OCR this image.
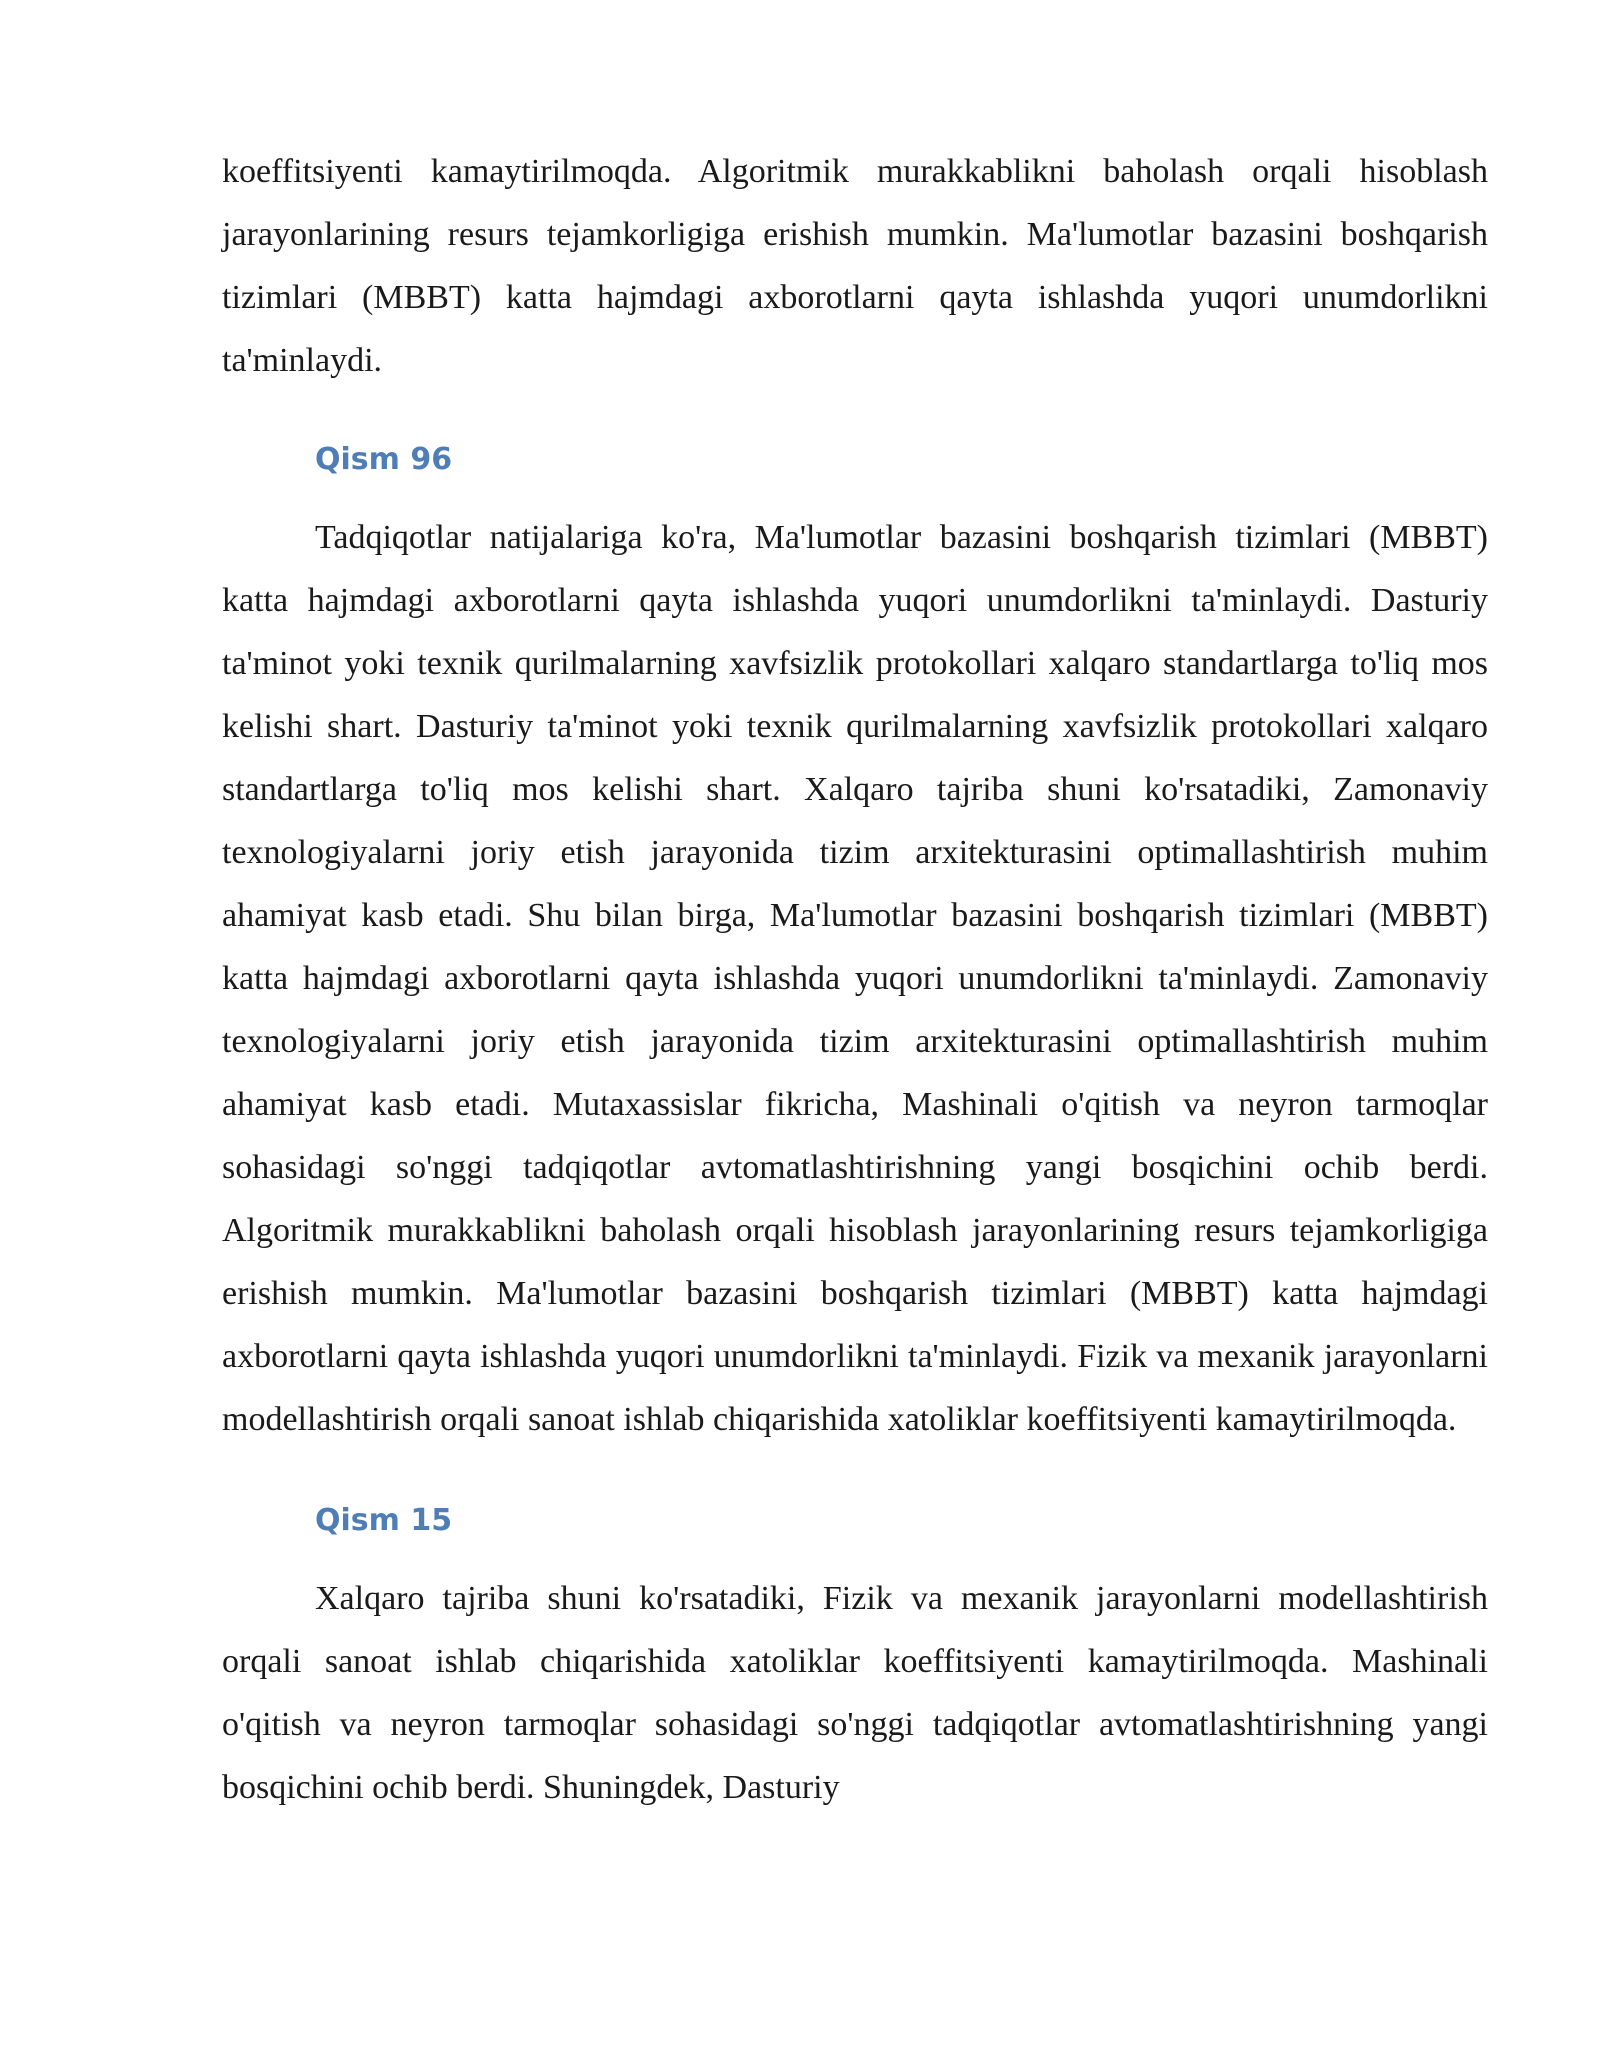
koeffitsiyenti kamaytirilmoqda. Algoritmik murakkablikni baholash orqali hisoblash jarayonlarining resurs tejamkorligiga erishish mumkin. Ma'lumotlar bazasini boshqarish tizimlari (MBBT) katta hajmdagi axborotlarni qayta ishlashda yuqori unumdorlikni ta'minlaydi.

Qism 96

Tadqiqotlar natijalariga ko'ra, Ma'lumotlar bazasini boshqarish tizimlari (MBBT) katta hajmdagi axborotlarni qayta ishlashda yuqori unumdorlikni ta'minlaydi. Dasturiy ta'minot yoki texnik qurilmalarning xavfsizlik protokollari xalqaro standartlarga to'liq mos kelishi shart. Dasturiy ta'minot yoki texnik qurilmalarning xavfsizlik protokollari xalqaro standartlarga to'liq mos kelishi shart. Xalqaro tajriba shuni ko'rsatadiki, Zamonaviy texnologiyalarni joriy etish jarayonida tizim arxitekturasini optimallashtirish muhim ahamiyat kasb etadi. Shu bilan birga, Ma'lumotlar bazasini boshqarish tizimlari (MBBT) katta hajmdagi axborotlarni qayta ishlashda yuqori unumdorlikni ta'minlaydi. Zamonaviy texnologiyalarni joriy etish jarayonida tizim arxitekturasini optimallashtirish muhim ahamiyat kasb etadi. Mutaxassislar fikricha, Mashinali o'qitish va neyron tarmoqlar sohasidagi so'nggi tadqiqotlar avtomatlashtirishning yangi bosqichini ochib berdi. Algoritmik murakkablikni baholash orqali hisoblash jarayonlarining resurs tejamkorligiga erishish mumkin. Ma'lumotlar bazasini boshqarish tizimlari (MBBT) katta hajmdagi axborotlarni qayta ishlashda yuqori unumdorlikni ta'minlaydi. Fizik va mexanik jarayonlarni modellashtirish orqali sanoat ishlab chiqarishida xatoliklar koeffitsiyenti kamaytirilmoqda.

Qism 15

Xalqaro tajriba shuni ko'rsatadiki, Fizik va mexanik jarayonlarni modellashtirish orqali sanoat ishlab chiqarishida xatoliklar koeffitsiyenti kamaytirilmoqda. Mashinali o'qitish va neyron tarmoqlar sohasidagi so'nggi tadqiqotlar avtomatlashtirishning yangi bosqichini ochib berdi. Shuningdek, Dasturiy
